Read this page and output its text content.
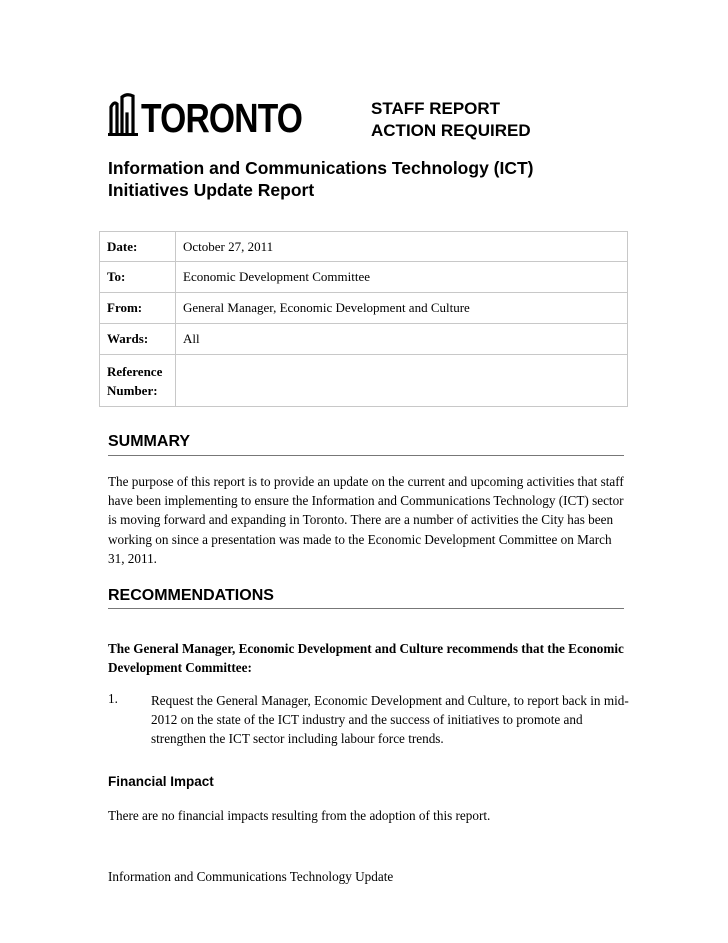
TORONTO	STAFF REPORT
ACTION REQUIRED
Information and Communications Technology (ICT)
Initiatives Update Report
Date:	October 27, 2011
To:	Economic Development Committee
From:	General Manager, Economic Development and Culture
Wards:	All

Reference
Number:	

SUMMARY
The purpose of this report is to provide an update on the current and upcoming activities that staff have been implementing to ensure the Information and Communications Technology (ICT) sector is moving forward and expanding in Toronto. There are a number of activities the City has been working on since a presentation was made to the Economic Development Committee on March 31, 2011.
RECOMMENDATIONS
The General Manager, Economic Development and Culture recommends that the Economic Development Committee:
1.	Request the General Manager, Economic Development and Culture, to report back in mid-2012 on the state of the ICT industry and the success of initiatives to promote and strengthen the ICT sector including labour force trends.
Financial Impact
There are no financial impacts resulting from the adoption of this report.
Information and Communications Technology Update
